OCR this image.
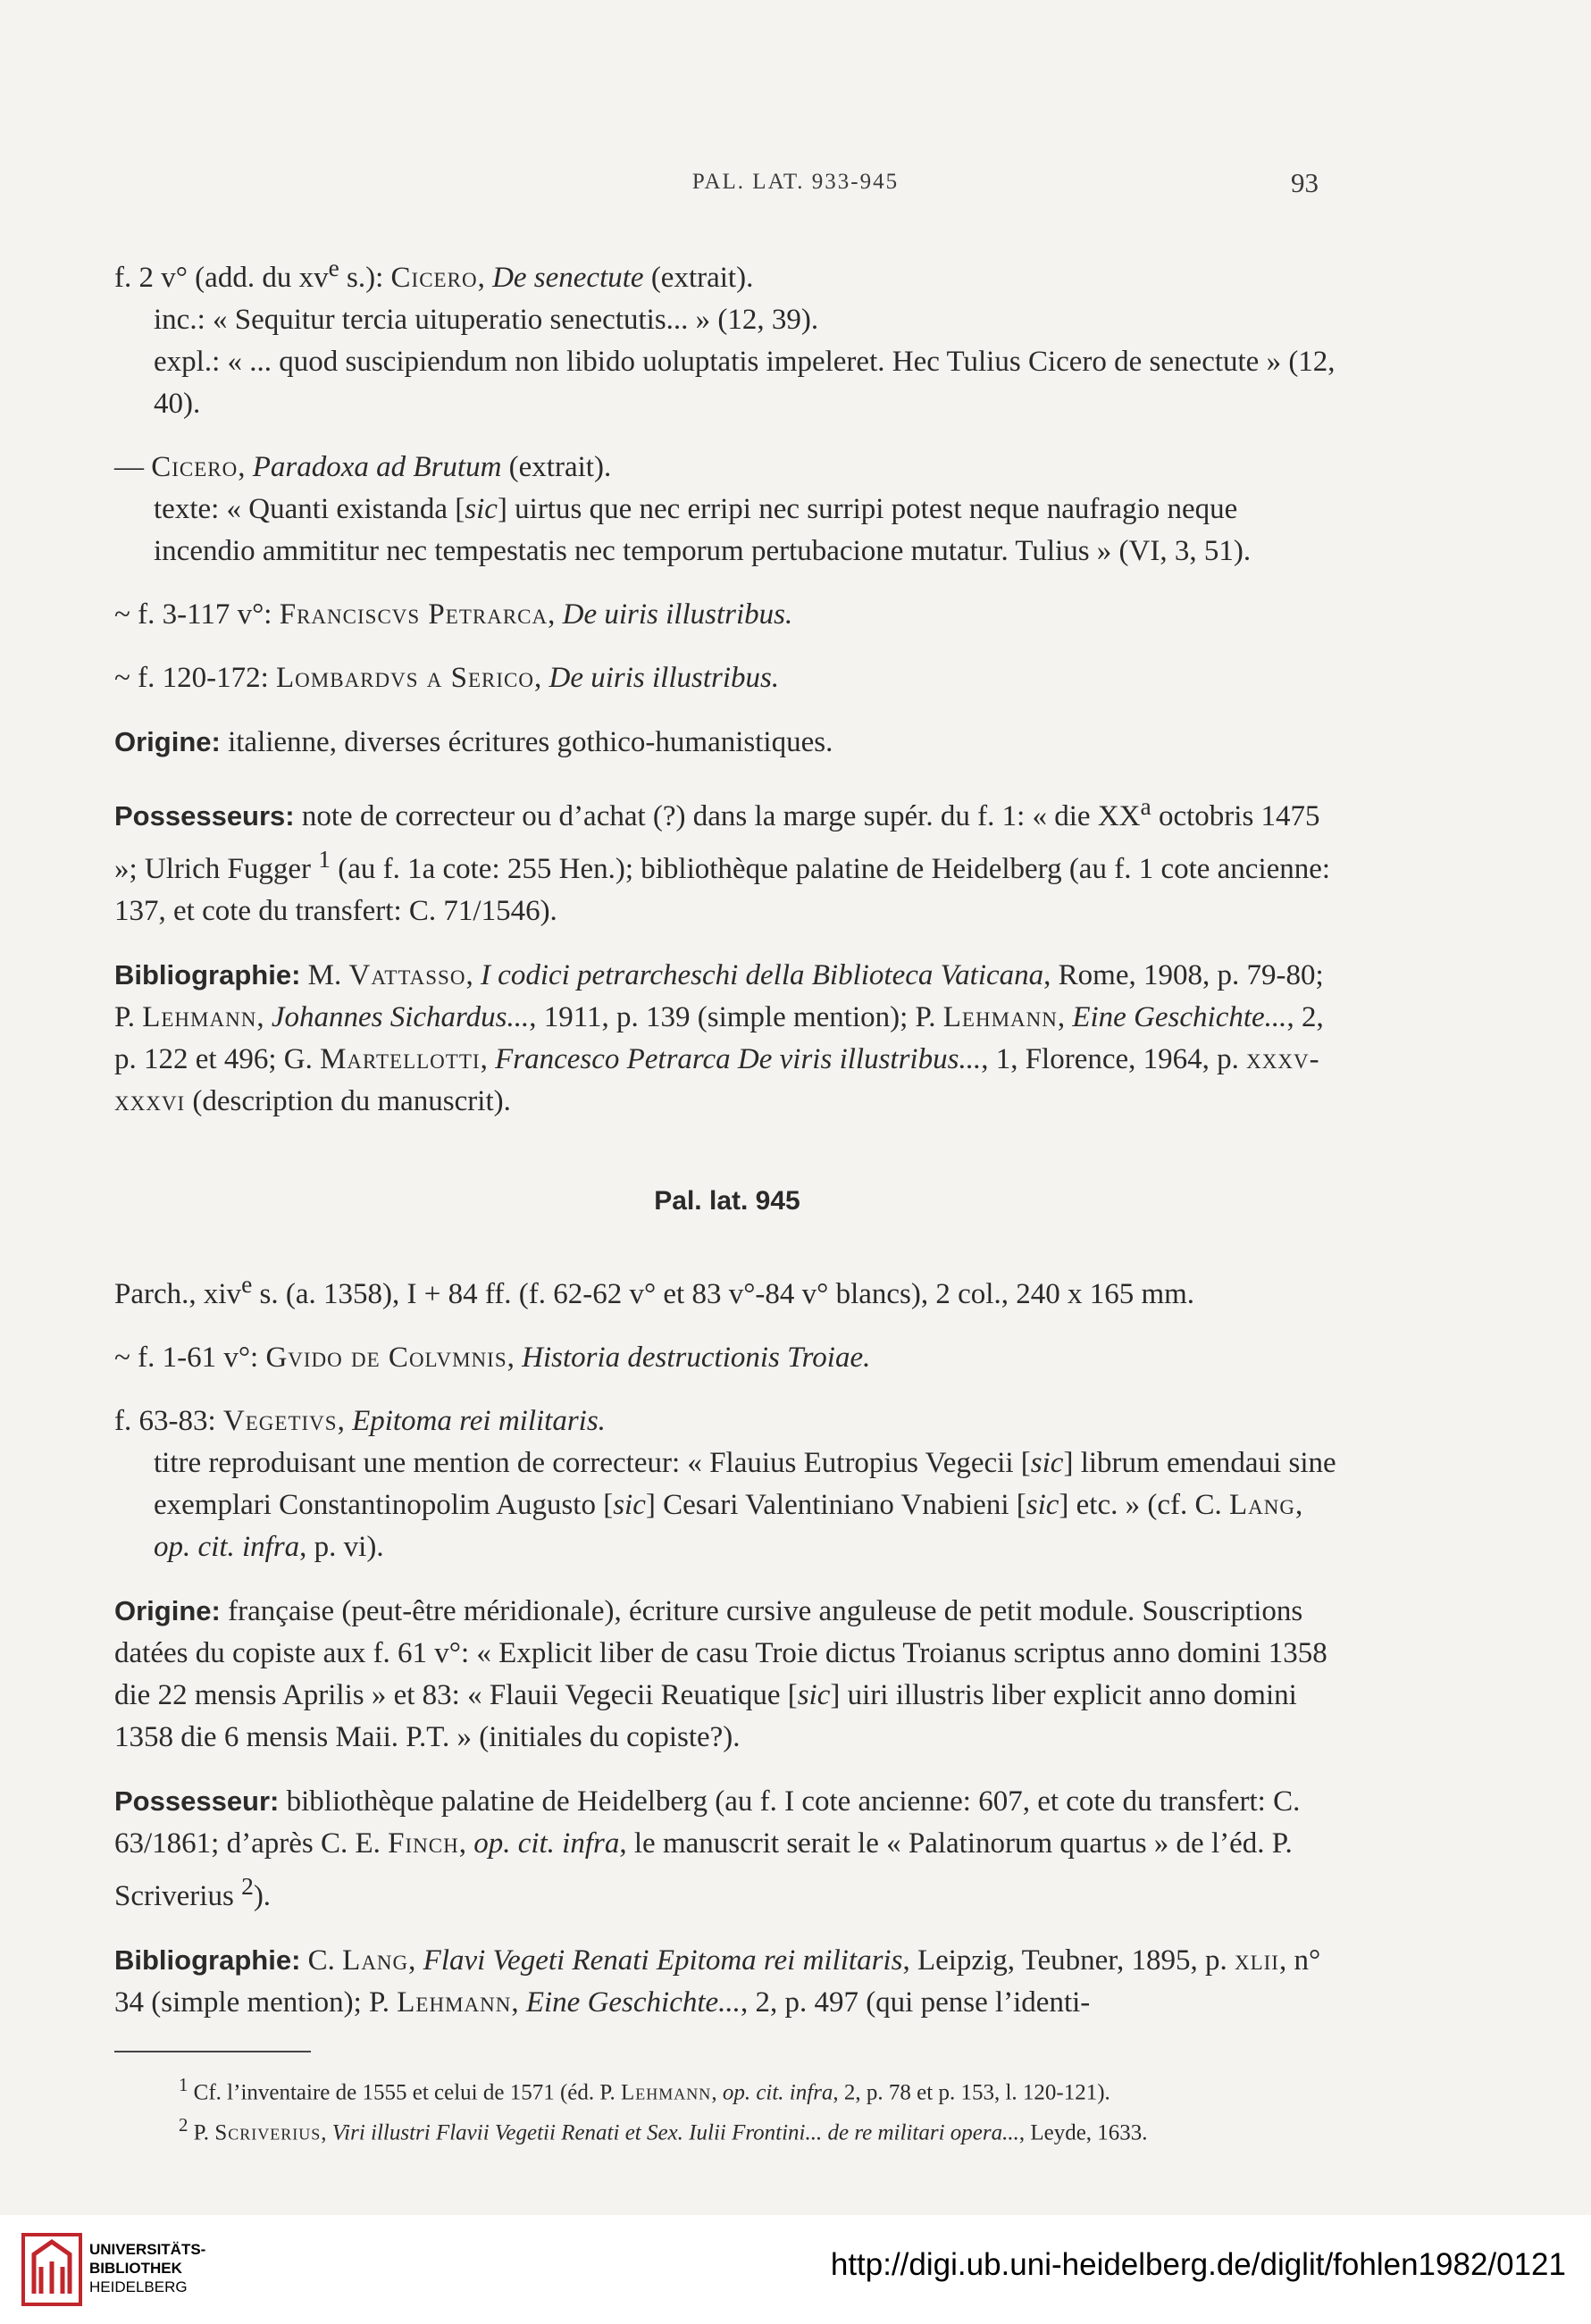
PAL. LAT. 933-945	93

f. 2 v° (add. du $xv^e$ s.): Cicero, De senectute (extrait).

inc.: « Sequitur tercia uituperatio senectutis... » (12, 39).

expl.: « ... quod suscipiendum non libido uoluptatis impeleret. Hec Tulius Cicero de senectute » (12, 40).

— Cicero, Paradoxa ad Brutum (extrait).

texte: « Quanti existanda [sic] uirtus que nec erripi nec surripi potest neque naufragio neque incendio ammititur nec tempestatis nec temporum pertubacione mutatur. Tulius » (VI, 3, 51).

~ f. 3-117 v°: Franciscvs Petrarca, De uiris illustribus.

~ f. 120-172: Lombardvs a Serico, De uiris illustribus.

Origine: italienne, diverses écritures gothico-humanistiques.

Possesseurs: note de correcteur ou d’achat (?) dans la marge supér. du f. 1: « die $XX^a$ octobris 1475 »; Ulrich Fugger $^1$ (au f. 1a cote: 255 Hen.); bibliothèque palatine de Heidelberg (au f. 1 cote ancienne: 137, et cote du transfert: C. 71/1546).

Bibliographie: M. Vattasso, I codici petrarcheschi della Biblioteca Vaticana, Rome, 1908, p. 79-80; P. Lehmann, Johannes Sichardus..., 1911, p. 139 (simple mention); P. Lehmann, Eine Geschichte..., 2, p. 122 et 496; G. Martellotti, Francesco Petrarca De viris illustribus..., 1, Florence, 1964, p. xxxv-xxxvi (description du manuscrit).

Pal. lat. 945

Parch., xiv$^e$ s. (a. 1358), I + 84 ff. (f. 62-62 v° et 83 v°-84 v° blancs), 2 col., 240 x 165 mm.

~ f. 1-61 v°: Gvido de Colvmnis, Historia destructionis Troiae.

f. 63-83: Vegetivs, Epitoma rei militaris.

titre reproduisant une mention de correcteur: « Flauius Eutropius Vegecii [sic] librum emendaui sine exemplari Constantinopolim Augusto [sic] Cesari Valentiniano Vnabieni [sic] etc. » (cf. C. Lang, op. cit. infra, p. vi).

Origine: française (peut-être méridionale), écriture cursive anguleuse de petit module. Souscriptions datées du copiste aux f. 61 v°: « Explicit liber de casu Troie dictus Troianus scriptus anno domini 1358 die 22 mensis Aprilis » et 83: « Flauii Vegecii Reuatique [sic] uiri illustris liber explicit anno domini 1358 die 6 mensis Maii. P.T. » (initiales du copiste?).

Possesseur: bibliothèque palatine de Heidelberg (au f. I cote ancienne: 607, et cote du transfert: C. 63/1861; d’après C. E. Finch, op. cit. infra, le manuscrit serait le « Palatinorum quartus » de l’éd. P. Scriverius $^2$).

Bibliographie: C. Lang, Flavi Vegeti Renati Epitoma rei militaris, Leipzig, Teubner, 1895, p. xlii, n° 34 (simple mention); P. Lehmann, Eine Geschichte..., 2, p. 497 (qui pense l’identi-

$^1$ Cf. l’inventaire de 1555 et celui de 1571 (éd. P. Lehmann, op. cit. infra, 2, p. 78 et p. 153, l. 120-121).

$^2$ P. Scriverius, Viri illustri Flavii Vegetii Renati et Sex. Iulii Frontini... de re militari opera..., Leyde, 1633.

UNIVERSITÄTS-
BIBLIOTHEK
HEIDELBERG
http://digi.ub.uni-heidelberg.de/diglit/fohlen1982/0121
